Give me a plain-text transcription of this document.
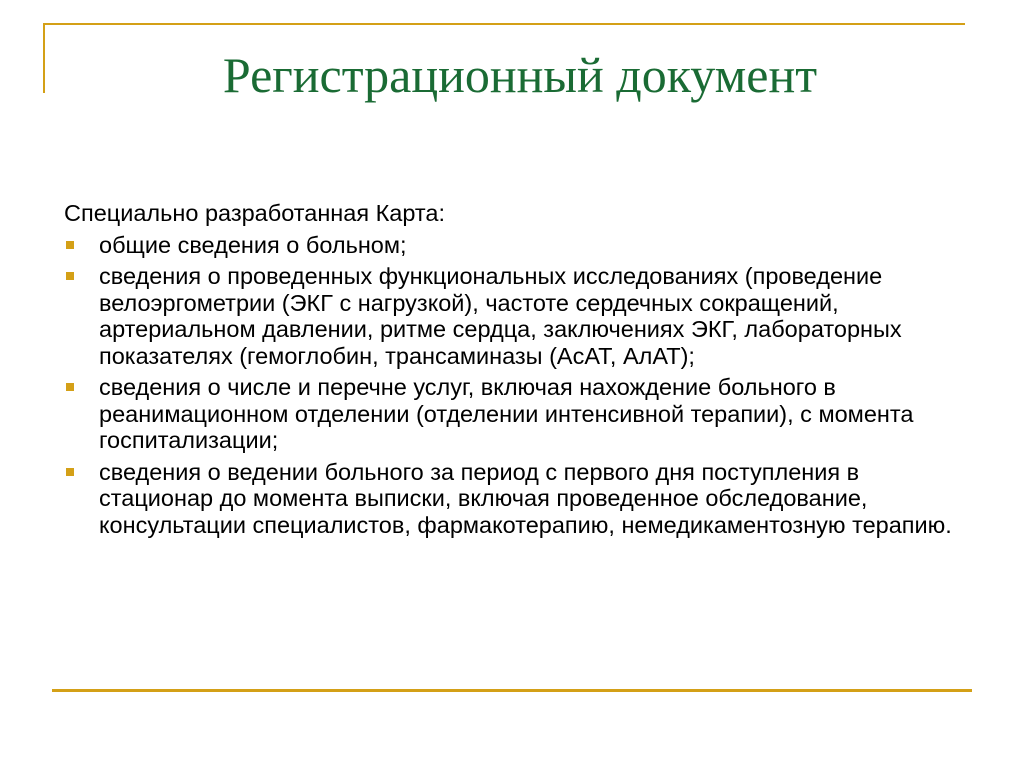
Регистрационный документ

Специально разработанная Карта:

общие сведения о больном;
сведения о проведенных функциональных исследованиях (проведение велоэргометрии (ЭКГ с нагрузкой), частоте сердечных сокращений, артериальном давлении, ритме сердца, заключениях ЭКГ, лабораторных показателях (гемоглобин, трансаминазы (АсАТ, АлАТ);
сведения о числе и перечне услуг, включая нахождение больного в реанимационном отделении (отделении интенсивной терапии), с момента госпитализации;
сведения о ведении больного за период с первого дня поступления в стационар до момента выписки, включая проведенное обследование, консультации специалистов, фармакотерапию, немедикаментозную терапию.
